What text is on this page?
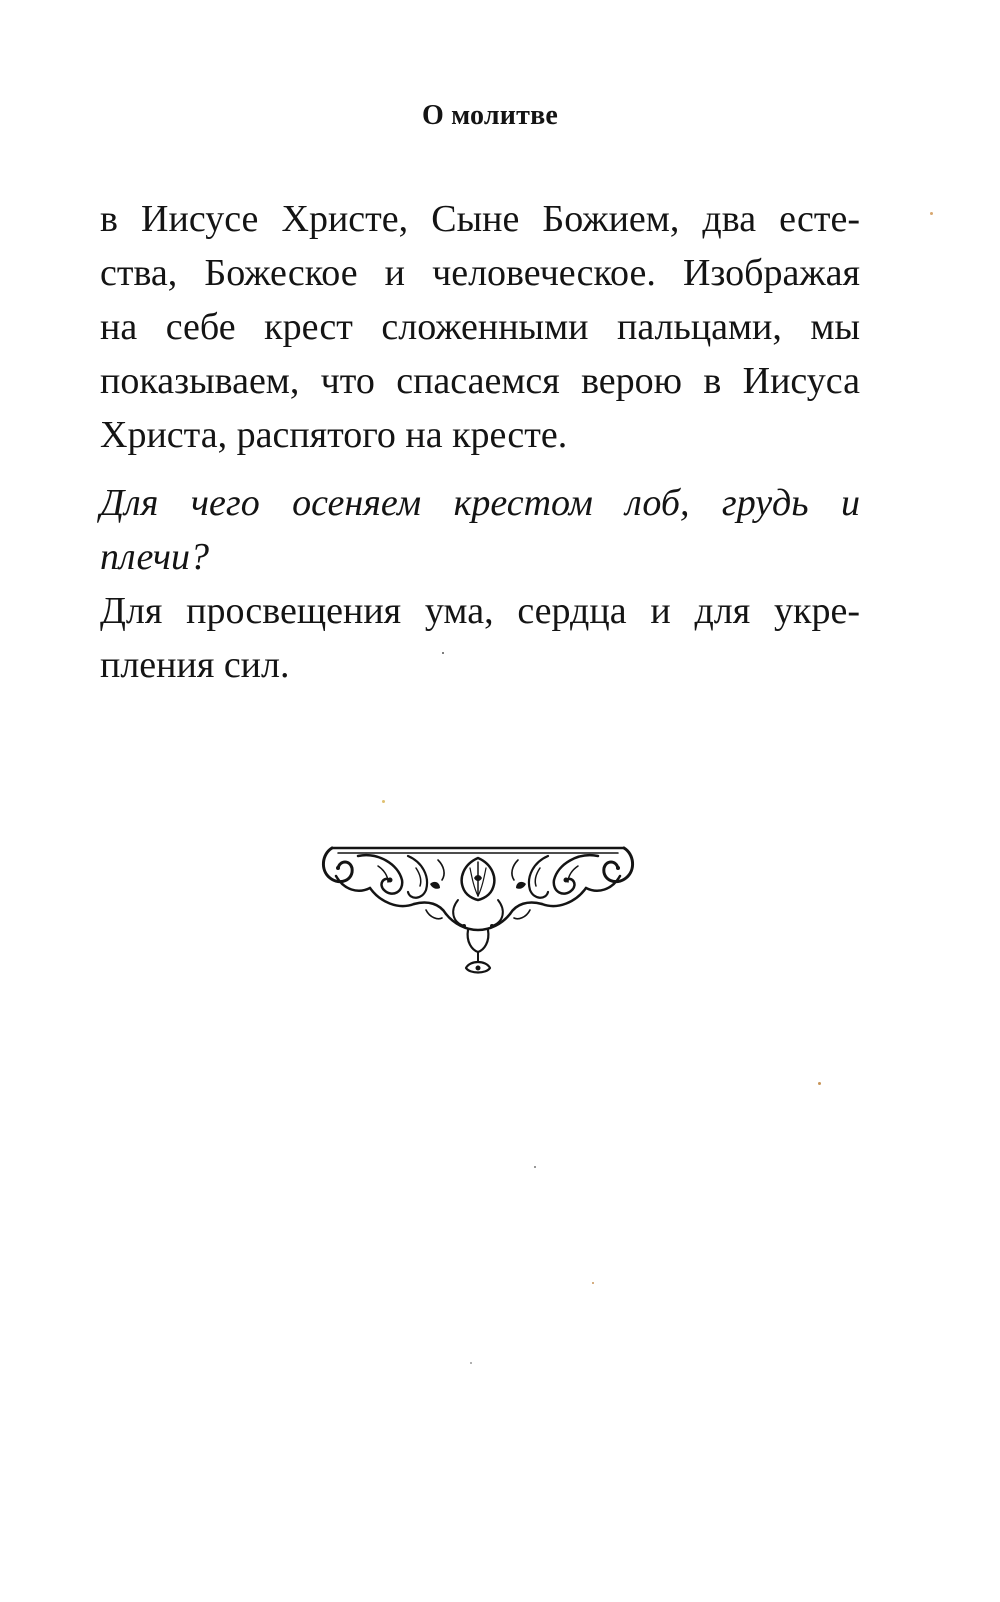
О молитве
в Иисусе Христе, Сыне Божием, два есте-
ства, Божеское и человеческое. Изображая
на себе крест сложенными пальцами, мы
показываем, что спасаемся верою в Иисуса
Христа, распятого на кресте.
Для чего осеняем крестом лоб, грудь и
плечи?
Для просвещения ума, сердца и для укре-
пления сил.
